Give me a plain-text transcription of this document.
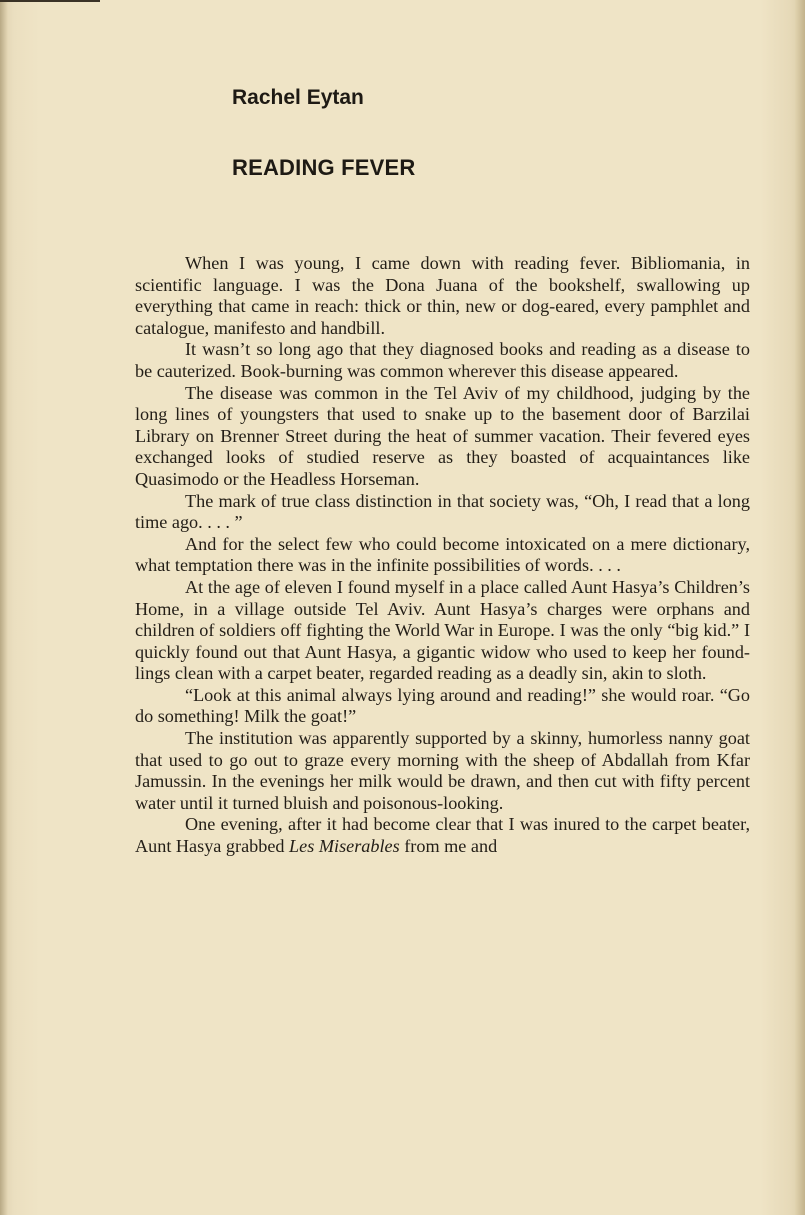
Rachel Eytan
READING FEVER

When I was young, I came down with reading fever. Bibliomania, in scientific language. I was the Dona Juana of the bookshelf, swallowing up everything that came in reach: thick or thin, new or dog-eared, every pamphlet and catalogue, manifesto and handbill.

It wasn’t so long ago that they diagnosed books and reading as a disease to be cauterized. Book-burning was common wherever this disease appeared.

The disease was common in the Tel Aviv of my childhood, judging by the long lines of youngsters that used to snake up to the basement door of Barzilai Library on Brenner Street during the heat of summer vacation. Their fevered eyes exchanged looks of studied reserve as they boasted of acquaintances like Quasimodo or the Headless Horseman.

The mark of true class distinction in that society was, “Oh, I read that a long time ago. . . . ”

And for the select few who could become intoxicated on a mere dictionary, what temptation there was in the infinite possibilities of words. . . .

At the age of eleven I found myself in a place called Aunt Hasya’s Children’s Home, in a village outside Tel Aviv. Aunt Hasya’s charges were orphans and children of soldiers off fighting the World War in Europe. I was the only “big kid.” I quickly found out that Aunt Hasya, a gigantic widow who used to keep her found-lings clean with a carpet beater, regarded reading as a deadly sin, akin to sloth.

“Look at this animal always lying around and reading!” she would roar. “Go do something! Milk the goat!”

The institution was apparently supported by a skinny, humorless nanny goat that used to go out to graze every morning with the sheep of Abdallah from Kfar Jamussin. In the evenings her milk would be drawn, and then cut with fifty percent water until it turned bluish and poisonous-looking.

One evening, after it had become clear that I was inured to the carpet beater, Aunt Hasya grabbed Les Miserables from me and
